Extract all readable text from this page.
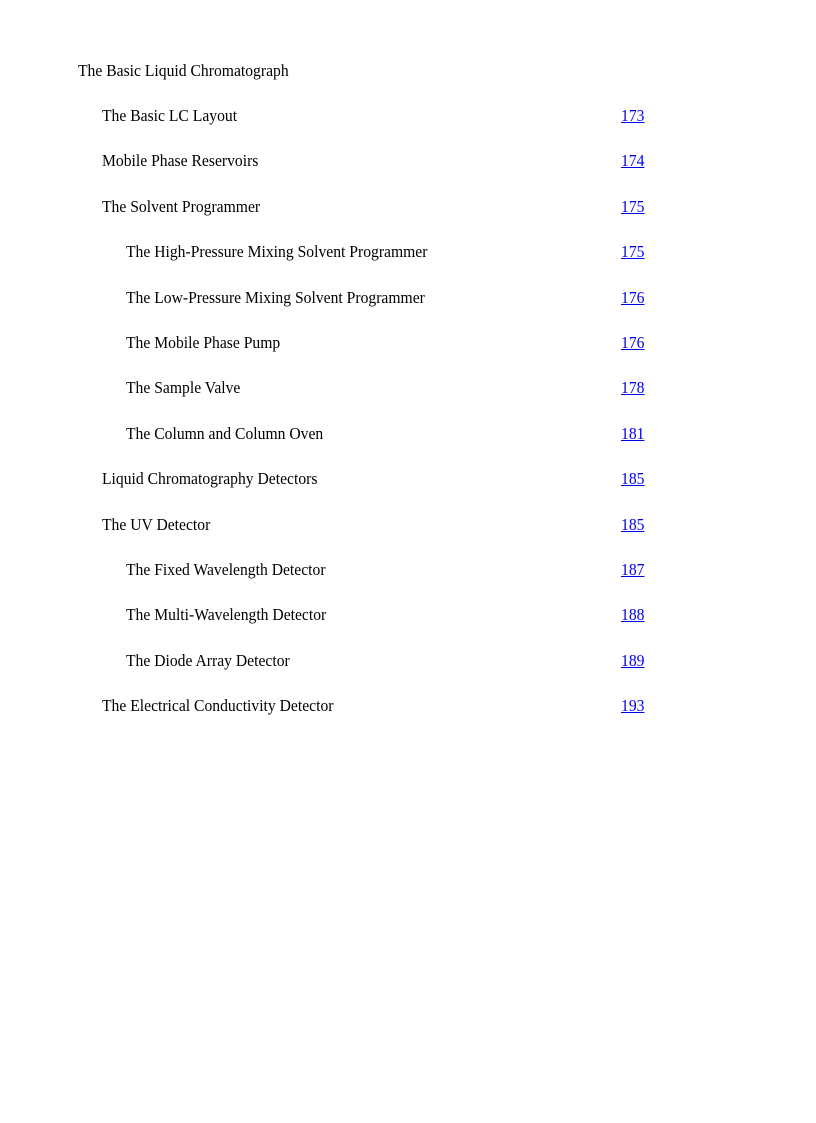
The Basic Liquid Chromatograph
The Basic LC Layout	173
Mobile Phase Reservoirs	174
The Solvent Programmer	175
The High-Pressure Mixing Solvent Programmer	175
The Low-Pressure Mixing Solvent Programmer	176
The Mobile Phase Pump	176
The Sample Valve	178
The Column and Column Oven	181
Liquid Chromatography Detectors	185
The UV Detector	185
The Fixed Wavelength Detector	187
The Multi-Wavelength Detector	188
The Diode Array Detector	189
The Electrical Conductivity Detector	193
